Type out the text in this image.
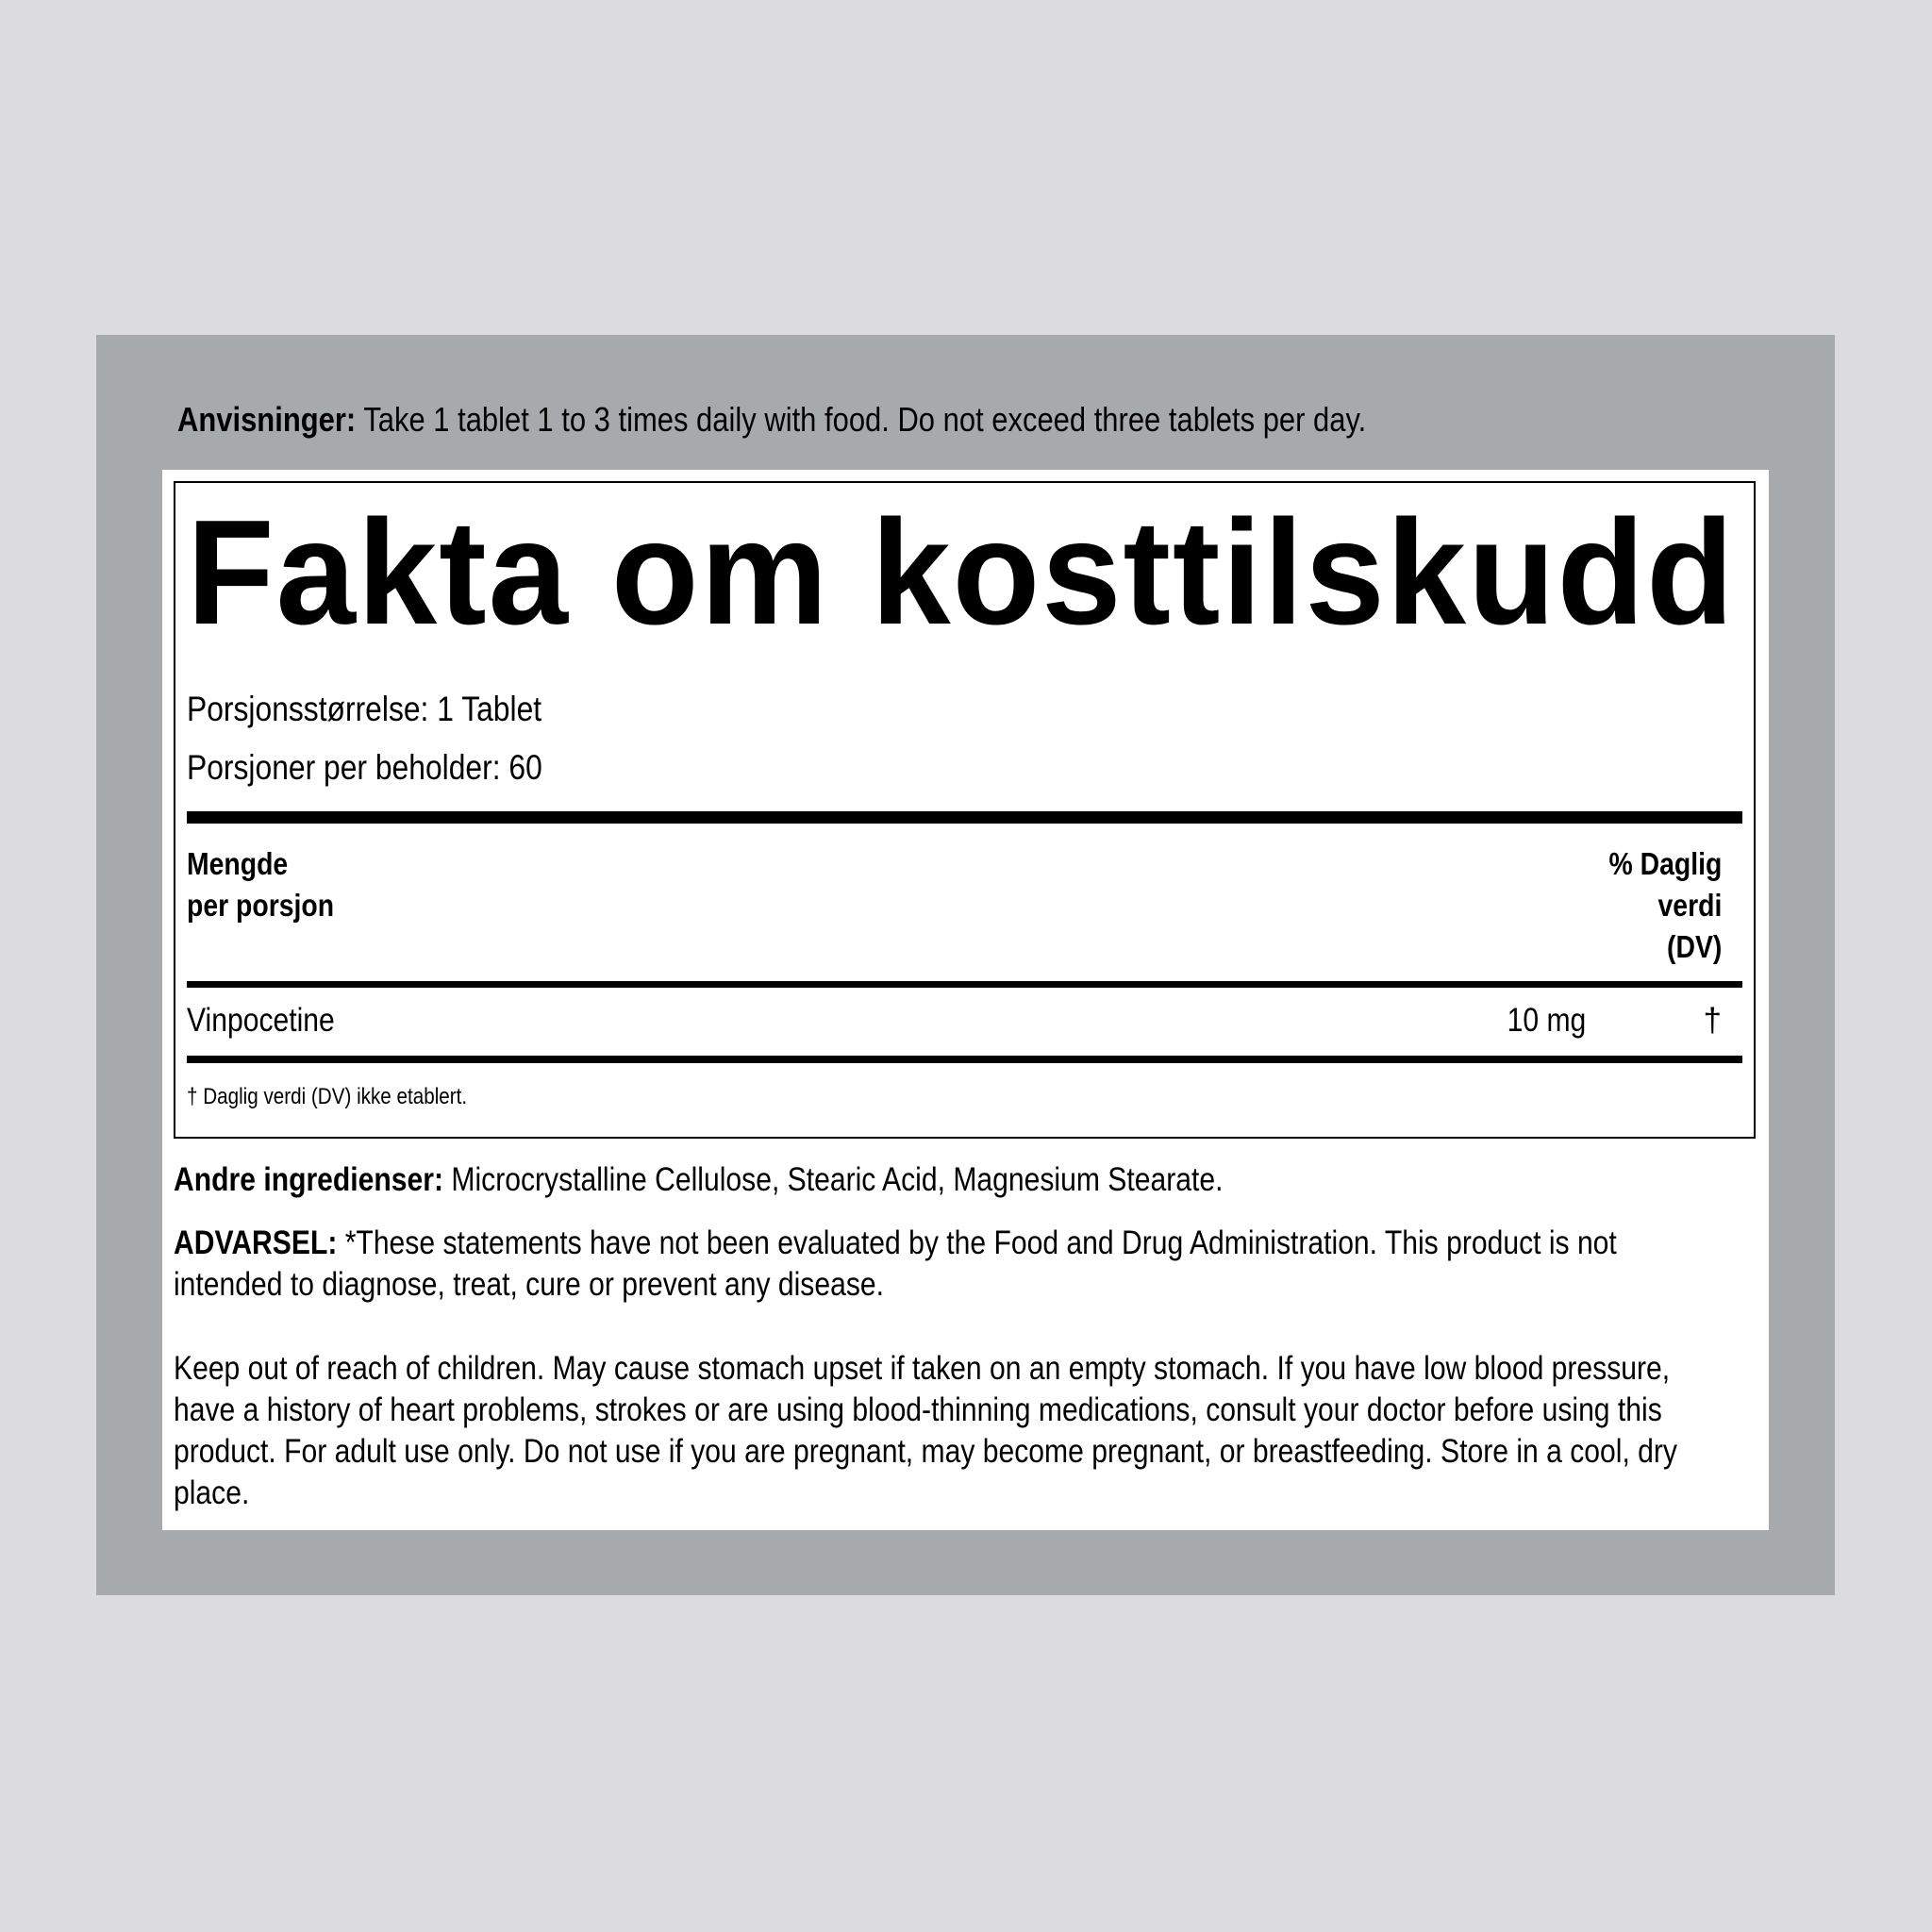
Anvisninger: Take 1 tablet 1 to 3 times daily with food. Do not exceed three tablets per day.
Fakta om kosttilskudd
Porsjonsstørrelse: 1 Tablet
Porsjoner per beholder: 60
Mengde
per porsjon
% Daglig
verdi
(DV)
Vinpocetine	10 mg	†
† Daglig verdi (DV) ikke etablert.
Andre ingredienser: Microcrystalline Cellulose, Stearic Acid, Magnesium Stearate.
ADVARSEL: *These statements have not been evaluated by the Food and Drug Administration. This product is not
intended to diagnose, treat, cure or prevent any disease.
Keep out of reach of children. May cause stomach upset if taken on an empty stomach. If you have low blood pressure,
have a history of heart problems, strokes or are using blood-thinning medications, consult your doctor before using this
product. For adult use only. Do not use if you are pregnant, may become pregnant, or breastfeeding. Store in a cool, dry
place.
